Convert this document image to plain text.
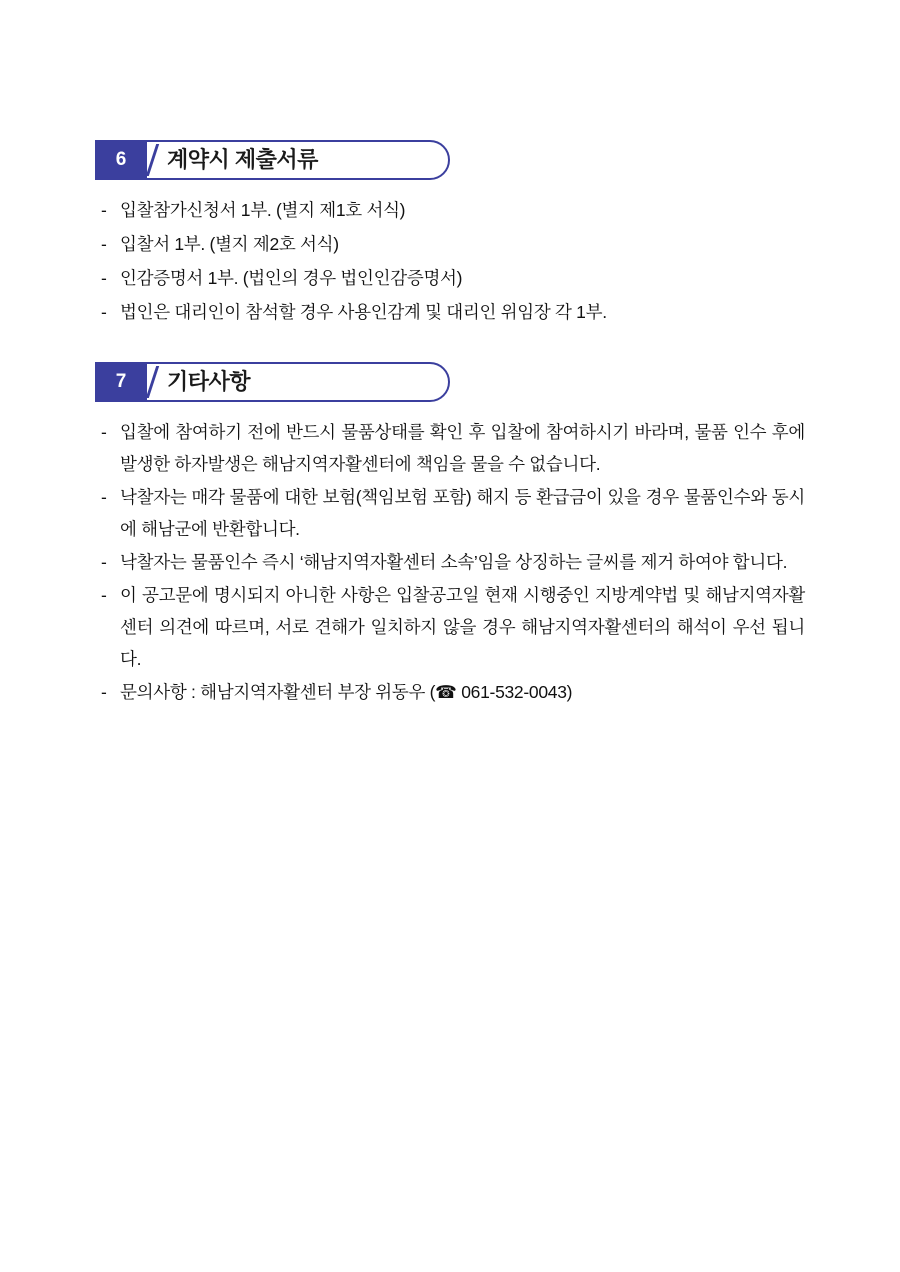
6	계약시 제출서류
- 입찰참가신청서 1부. (별지 제1호 서식)
- 입찰서 1부. (별지 제2호 서식)
- 인감증명서 1부. (법인의 경우 법인인감증명서)
- 법인은 대리인이 참석할 경우 사용인감계 및 대리인 위임장 각 1부.
7	기타사항
- 입찰에 참여하기 전에 반드시 물품상태를 확인 후 입찰에 참여하시기 바라며, 물품 인수 후에 발생한 하자발생은 해남지역자활센터에 책임을 물을 수 없습니다.
- 낙찰자는 매각 물품에 대한 보험(책임보험 포함) 해지 등 환급금이 있을 경우 물품인수와 동시에 해남군에 반환합니다.
- 낙찰자는 물품인수 즉시 ‘해남지역자활센터 소속’임을 상징하는 글씨를 제거 하여야 합니다.
- 이 공고문에 명시되지 아니한 사항은 입찰공고일 현재 시행중인 지방계약법 및 해남지역자활센터 의견에 따르며, 서로 견해가 일치하지 않을 경우 해남지역자활센터의 해석이 우선 됩니다.
- 문의사항 : 해남지역자활센터 부장 위동우 (☎ 061-532-0043)
